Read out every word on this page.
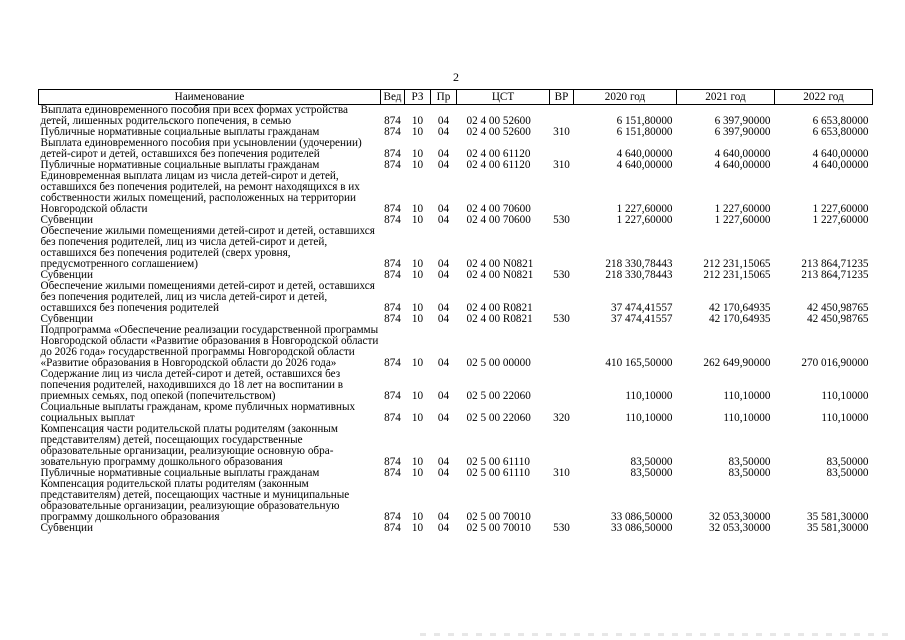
2
Наименование	Вед	РЗ	Пр	ЦСТ	ВР	2020 год	2021 год	2022 год
Выплата единовременного пособия при всех формах устройства детей, лишенных родительского попечения, в семью	874	10	04	02 4 00 52600		6 151,80000	6 397,90000	6 653,80000
Публичные нормативные социальные выплаты гражданам	874	10	04	02 4 00 52600	310	6 151,80000	6 397,90000	6 653,80000
Выплата единовременного пособия при усыновлении (удочерении) детей-сирот и детей, оставшихся без попечения родителей	874	10	04	02 4 00 61120		4 640,00000	4 640,00000	4 640,00000
Публичные нормативные социальные выплаты гражданам	874	10	04	02 4 00 61120	310	4 640,00000	4 640,00000	4 640,00000
Единовременная выплата лицам из числа детей-сирот и детей, оставшихся без попечения родителей, на ремонт находящихся в их собственности жилых помещений, расположенных на территории Новгородской области	874	10	04	02 4 00 70600		1 227,60000	1 227,60000	1 227,60000
Субвенции	874	10	04	02 4 00 70600	530	1 227,60000	1 227,60000	1 227,60000
Обеспечение жилыми помещениями детей-сирот и детей, оставшихся без попечения родителей, лиц из числа детей-сирот и детей, оставшихся без попечения родителей (сверх уровня, предусмотренного соглашением)	874	10	04	02 4 00 N0821		218 330,78443	212 231,15065	213 864,71235
Субвенции	874	10	04	02 4 00 N0821	530	218 330,78443	212 231,15065	213 864,71235
Обеспечение жилыми помещениями детей-сирот и детей, оставшихся без попечения родителей, лиц из числа детей-сирот и детей, оставшихся без попечения родителей	874	10	04	02 4 00 R0821		37 474,41557	42 170,64935	42 450,98765
Субвенции	874	10	04	02 4 00 R0821	530	37 474,41557	42 170,64935	42 450,98765
Подпрограмма «Обеспечение реализации государственной программы Новгородской области «Развитие образования в Новгородской области до 2026 года» государственной программы Новгородской области «Развитие образования в Новгородской области до 2026 года»	874	10	04	02 5 00 00000		410 165,50000	262 649,90000	270 016,90000
Содержание лиц из числа детей-сирот и детей, оставшихся без попечения родителей, находившихся до 18 лет на воспитании в приемных семьях, под опекой (попечительством)	874	10	04	02 5 00 22060		110,10000	110,10000	110,10000
Социальные выплаты гражданам, кроме публичных нормативных социальных выплат	874	10	04	02 5 00 22060	320	110,10000	110,10000	110,10000
Компенсация части родительской платы родителям (законным представителям) детей, посещающих государственные образовательные организации, реализующие основную образовательную программу дошкольного образования	874	10	04	02 5 00 61110		83,50000	83,50000	83,50000
Публичные нормативные социальные выплаты гражданам	874	10	04	02 5 00 61110	310	83,50000	83,50000	83,50000
Компенсация родительской платы родителям (законным представителям) детей, посещающих частные и муниципальные образовательные организации, реализующие образовательную программу дошкольного образования	874	10	04	02 5 00 70010		33 086,50000	32 053,30000	35 581,30000
Субвенции	874	10	04	02 5 00 70010	530	33 086,50000	32 053,30000	35 581,30000
